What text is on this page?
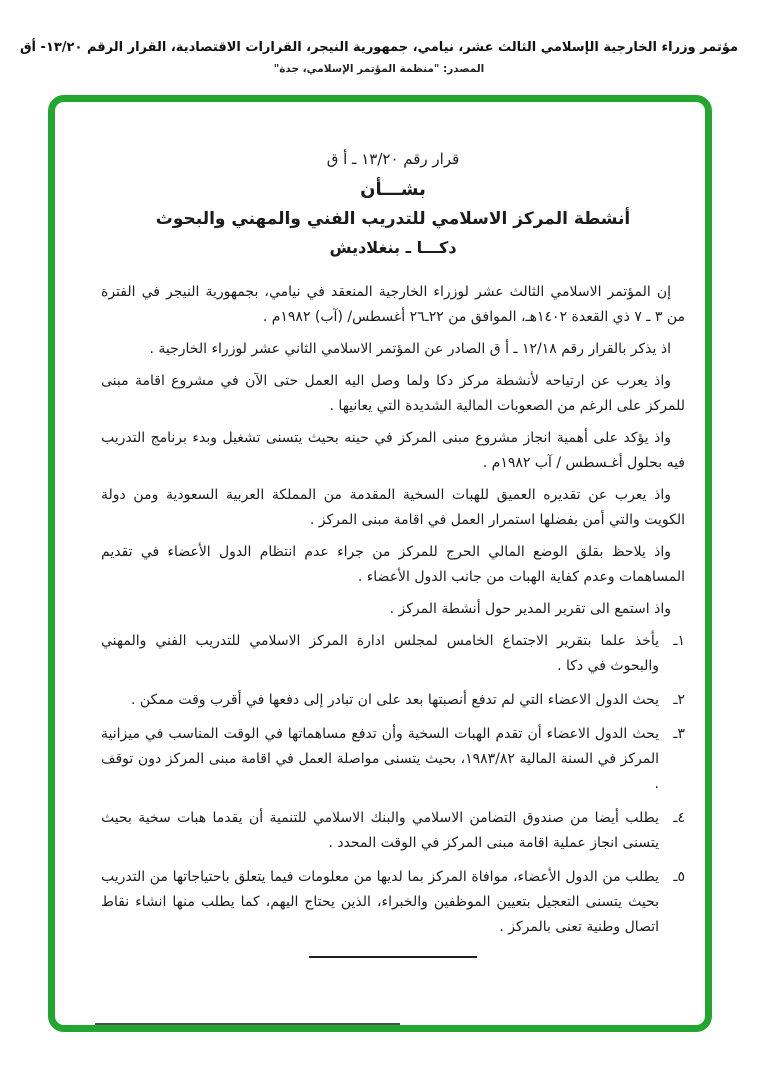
مؤتمر وزراء الخارجية الإسلامي الثالث عشر، نيامي، جمهورية النيجر، القرارات الاقتصادية، القرار الرقم ١٣/٢٠- أق
المصدر: "منظمة المؤتمر الإسلامي، جدة"
قرار رقم ١٣/٢٠ ـ أ ق
بشـــأن
أنشطة المركز الاسلامي للتدريب الفني والمهني والبحوث
دكـــا ـ بنغلاديش

إن المؤتمر الاسلامي الثالث عشر لوزراء الخارجية المنعقد في نيامي، بجمهورية النيجر في الفترة من ٣ ـ ٧ ذي القعدة ١٤٠٢هـ، الموافق من ٢٢ـ٢٦ أغسطس/ (آب) ١٩٨٢م .

اذ يذكر بالقرار رقم ١٢/١٨ ـ أ ق الصادر عن المؤتمر الاسلامي الثاني عشر لوزراء الخارجية .

واذ يعرب عن ارتياحه لأنشطة مركز دكا ولما وصل اليه العمل حتى الآن في مشروع اقامة مبنى للمركز على الرغم من الصعوبات المالية الشديدة التي يعانيها .

واذ يؤكد على أهمية انجاز مشروع مبنى المركز في حينه بحيث يتسنى تشغيل وبدء برنامج التدريب فيه بحلول أغـسطس / آب ١٩٨٢م .

واذ يعرب عن تقديره العميق للهبات السخية المقدمة من المملكة العربية السعودية ومن دولة الكويت والتي أمن بفضلها استمرار العمل في اقامة مبنى المركز .

واذ يلاحظ بقلق الوضع المالي الحرج للمركز من جراء عدم انتظام الدول الأعضاء في تقديم المساهمات وعدم كفاية الهبات من جانب الدول الأعضاء .

واذ استمع الى تقرير المدير حول أنشطة المركز .

١ـ
يأخذ علما بتقرير الاجتماع الخامس لمجلس ادارة المركز الاسلامي للتدريب الفني والمهني والبحوث في دكا .
٢ـ
يحث الدول الاعضاء التي لم تدفع أنصبتها بعد على ان تبادر إلى دفعها في أقرب وقت ممكن .
٣ـ
يحث الدول الاعضاء أن تقدم الهبات السخية وأن تدفع مساهماتها في الوقت المناسب في ميزانية المركز في السنة المالية ١٩٨٣/٨٢، بحيث يتسنى مواصلة العمل في اقامة مبنى المركز دون توقف .
٤ـ
يطلب أيضا من صندوق التضامن الاسلامي والبنك الاسلامي للتنمية أن يقدما هبات سخية بحيث يتسنى انجاز عملية اقامة مبنى المركز في الوقت المحدد .
٥ـ
يطلب من الدول الأعضاء، موافاة المركز بما لديها من معلومات فيما يتعلق باحتياجاتها من التدريب بحيث يتسنى التعجيل بتعيين الموظفين والخبراء، الذين يحتاج اليهم، كما يطلب منها انشاء نقاط اتصال وطنية تعنى بالمركز .
